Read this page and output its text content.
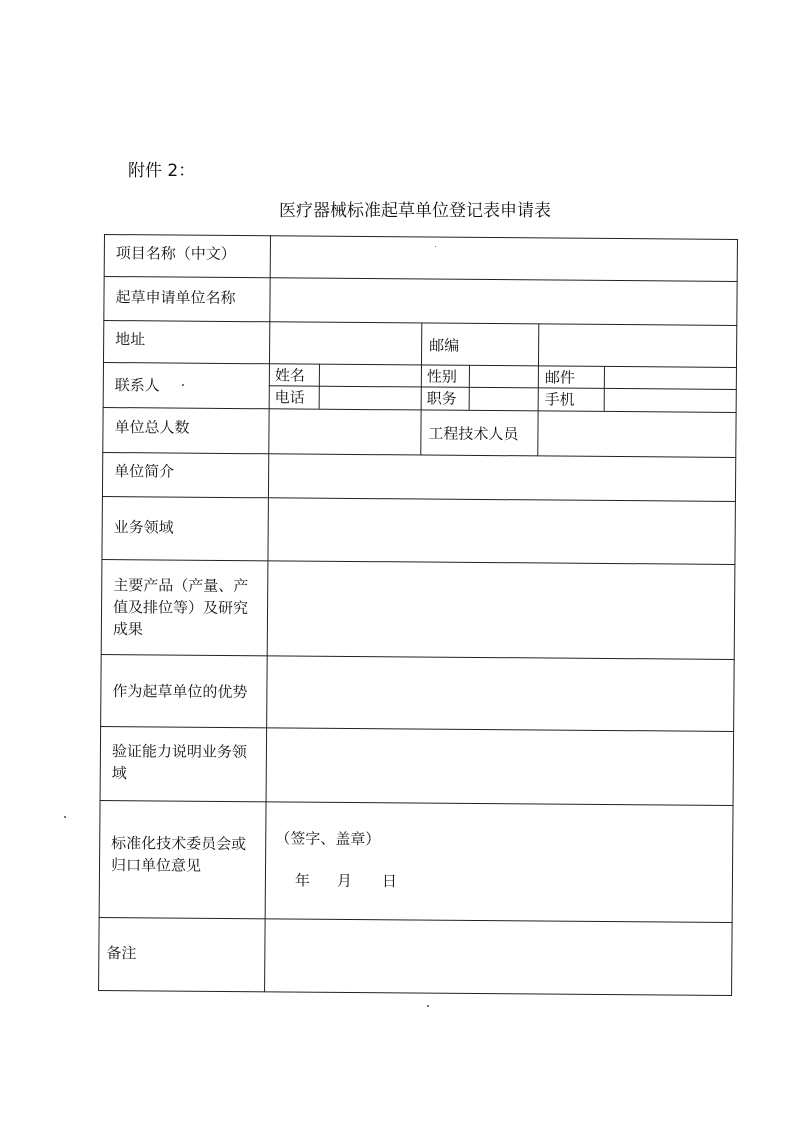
附件 2：
医疗器械标准起草单位登记表申请表
项目名称（中文）
起草申请单位名称
地址	邮编
联系人
姓名
电话
性别
职务
邮件
手机
单位总人数	工程技术人员
单位简介
业务领域
主要产品（产量、产值及排位等）及研究成果
作为起草单位的优势
验证能力说明业务领域
标准化技术委员会或归口单位意见
（签字、盖章）
年 月 日
备注
